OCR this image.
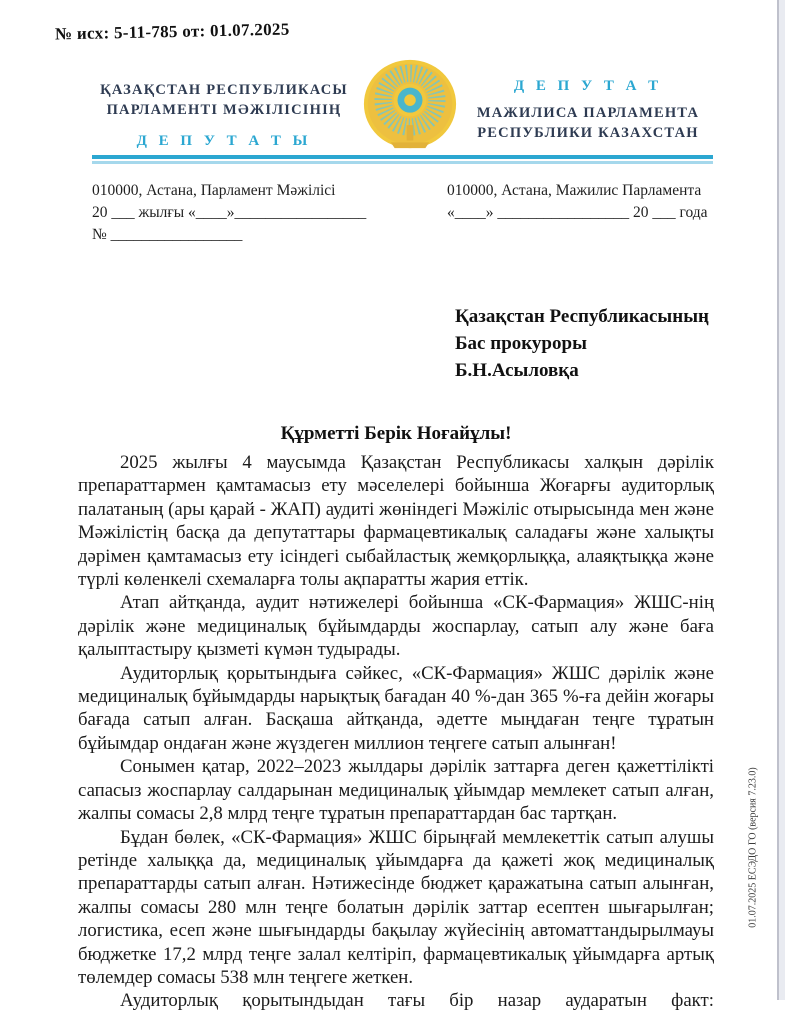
№ исх: 5-11-785 от: 01.07.2025
ҚАЗАҚСТАН РЕСПУБЛИКАСЫ
ПАРЛАМЕНТІ МӘЖІЛІСІНІҢ
Д Е П У Т А Т Ы
Д Е П У Т А Т
МАЖИЛИСА ПАРЛАМЕНТА
РЕСПУБЛИКИ КАЗАХСТАН
010000, Астана, Парламент Мәжілісі
20 ___ жылғы «____»_________________
№ _________________
010000, Астана, Мажилис Парламента
«____» _________________ 20 ___ года
Қазақстан Республикасының
Бас прокуроры
Б.Н.Асыловқа
Құрметті Берік Ноғайұлы!

2025 жылғы 4 маусымда Қазақстан Республикасы халқын дәрілік препараттармен қамтамасыз ету мәселелері бойынша Жоғарғы аудиторлық палатаның (ары қарай - ЖАП) аудиті жөніндегі Мәжіліс отырысында мен және Мәжілістің басқа да депутаттары фармацевтикалық саладағы және халықты дәрімен қамтамасыз ету ісіндегі сыбайластық жемқорлыққа, алаяқтыққа және түрлі көленкелі схемаларға толы ақпаратты жария еттік.

Атап айтқанда, аудит нәтижелері бойынша «СК-Фармация» ЖШС-нің дәрілік және медициналық бұйымдарды жоспарлау, сатып алу және баға қалыптастыру қызметі күмән тудырады.

Аудиторлық қорытындыға сәйкес, «СК-Фармация» ЖШС дәрілік және медициналық бұйымдарды нарықтық бағадан 40 %-дан 365 %-ға дейін жоғары бағада сатып алған. Басқаша айтқанда, әдетте мыңдаған теңге тұратын бұйымдар ондаған және жүздеген миллион теңгеге сатып алынған!

Сонымен қатар, 2022–2023 жылдары дәрілік заттарға деген қажеттілікті сапасыз жоспарлау салдарынан медициналық ұйымдар мемлекет сатып алған, жалпы сомасы 2,8 млрд теңге тұратын препараттардан бас тартқан.

Бұдан бөлек, «СК-Фармация» ЖШС бірыңғай мемлекеттік сатып алушы ретінде халыққа да, медициналық ұйымдарға да қажеті жоқ медициналық препараттарды сатып алған. Нәтижесінде бюджет қаражатына сатып алынған, жалпы сомасы 280 млн теңге болатын дәрілік заттар есептен шығарылған; логистика, есеп және шығындарды бақылау жүйесінің автоматтандырылмауы бюджетке 17,2 млрд теңге залал келтіріп, фармацевтикалық ұйымдарға артық төлемдер сомасы 538 млн теңгеге жеткен.

Аудиторлық қорытындыдан тағы бір назар аударатын факт:

01.07.2025 ЕСЭДО ГО (версия 7.23.0)
